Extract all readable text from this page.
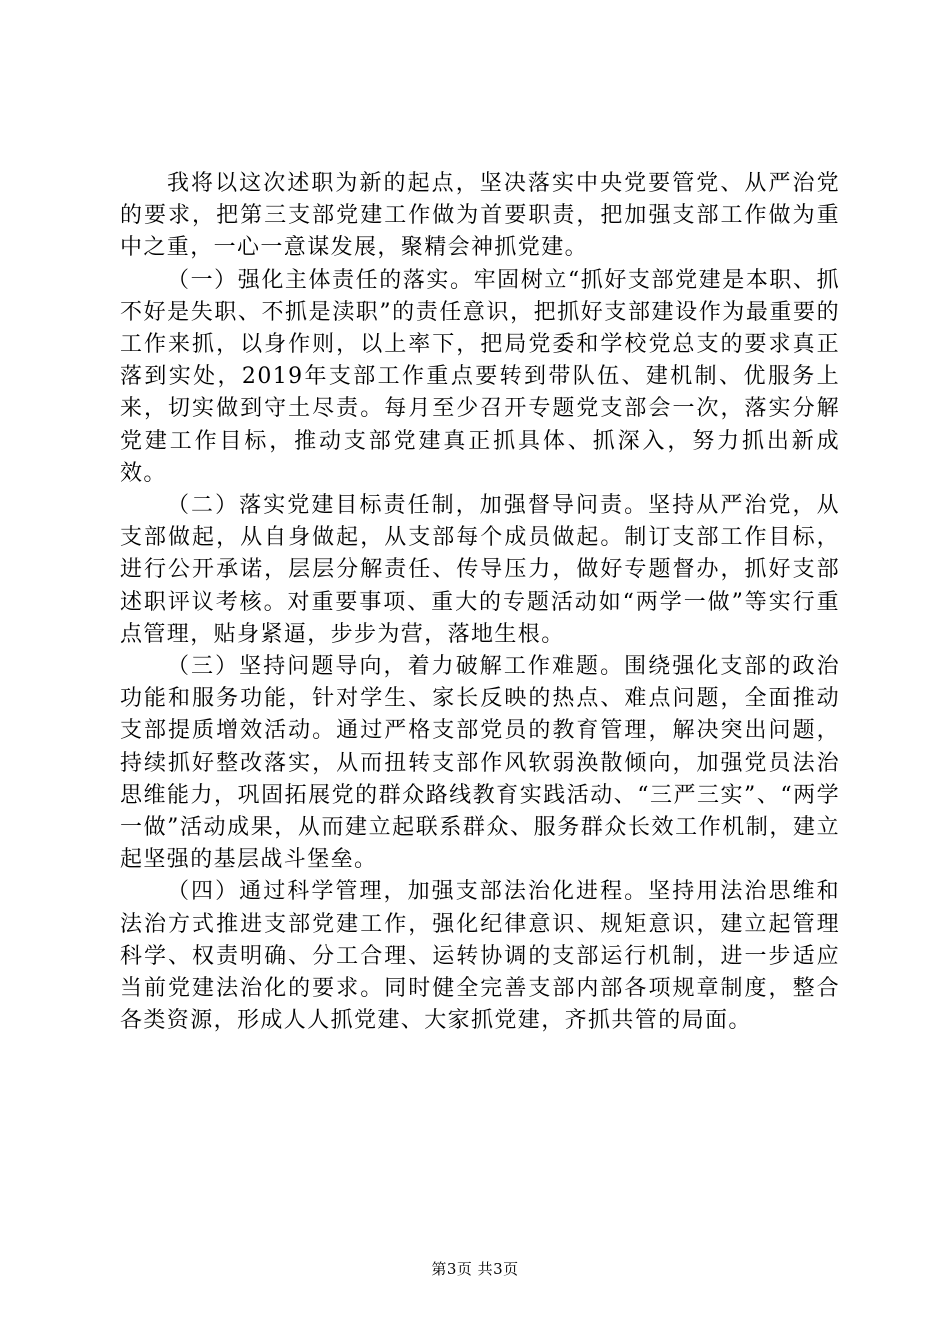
我将以这次述职为新的起点，坚决落实中央党要管党、从严治党的要求，把第三支部党建工作做为首要职责，把加强支部工作做为重中之重，一心一意谋发展，聚精会神抓党建。

（一）强化主体责任的落实。牢固树立“抓好支部党建是本职、抓不好是失职、不抓是渎职”的责任意识，把抓好支部建设作为最重要的工作来抓，以身作则，以上率下，把局党委和学校党总支的要求真正落到实处，2019年支部工作重点要转到带队伍、建机制、优服务上来，切实做到守土尽责。每月至少召开专题党支部会一次，落实分解党建工作目标，推动支部党建真正抓具体、抓深入，努力抓出新成效。

（二）落实党建目标责任制，加强督导问责。坚持从严治党，从支部做起，从自身做起，从支部每个成员做起。制订支部工作目标，进行公开承诺，层层分解责任、传导压力，做好专题督办，抓好支部述职评议考核。对重要事项、重大的专题活动如“两学一做”等实行重点管理，贴身紧逼，步步为营，落地生根。

（三）坚持问题导向，着力破解工作难题。围绕强化支部的政治功能和服务功能，针对学生、家长反映的热点、难点问题，全面推动支部提质增效活动。通过严格支部党员的教育管理，解决突出问题，持续抓好整改落实，从而扭转支部作风软弱涣散倾向，加强党员法治思维能力，巩固拓展党的群众路线教育实践活动、“三严三实”、“两学一做”活动成果，从而建立起联系群众、服务群众长效工作机制，建立起坚强的基层战斗堡垒。

（四）通过科学管理，加强支部法治化进程。坚持用法治思维和法治方式推进支部党建工作，强化纪律意识、规矩意识，建立起管理科学、权责明确、分工合理、运转协调的支部运行机制，进一步适应当前党建法治化的要求。同时健全完善支部内部各项规章制度，整合各类资源，形成人人抓党建、大家抓党建，齐抓共管的局面。

第3页 共3页
